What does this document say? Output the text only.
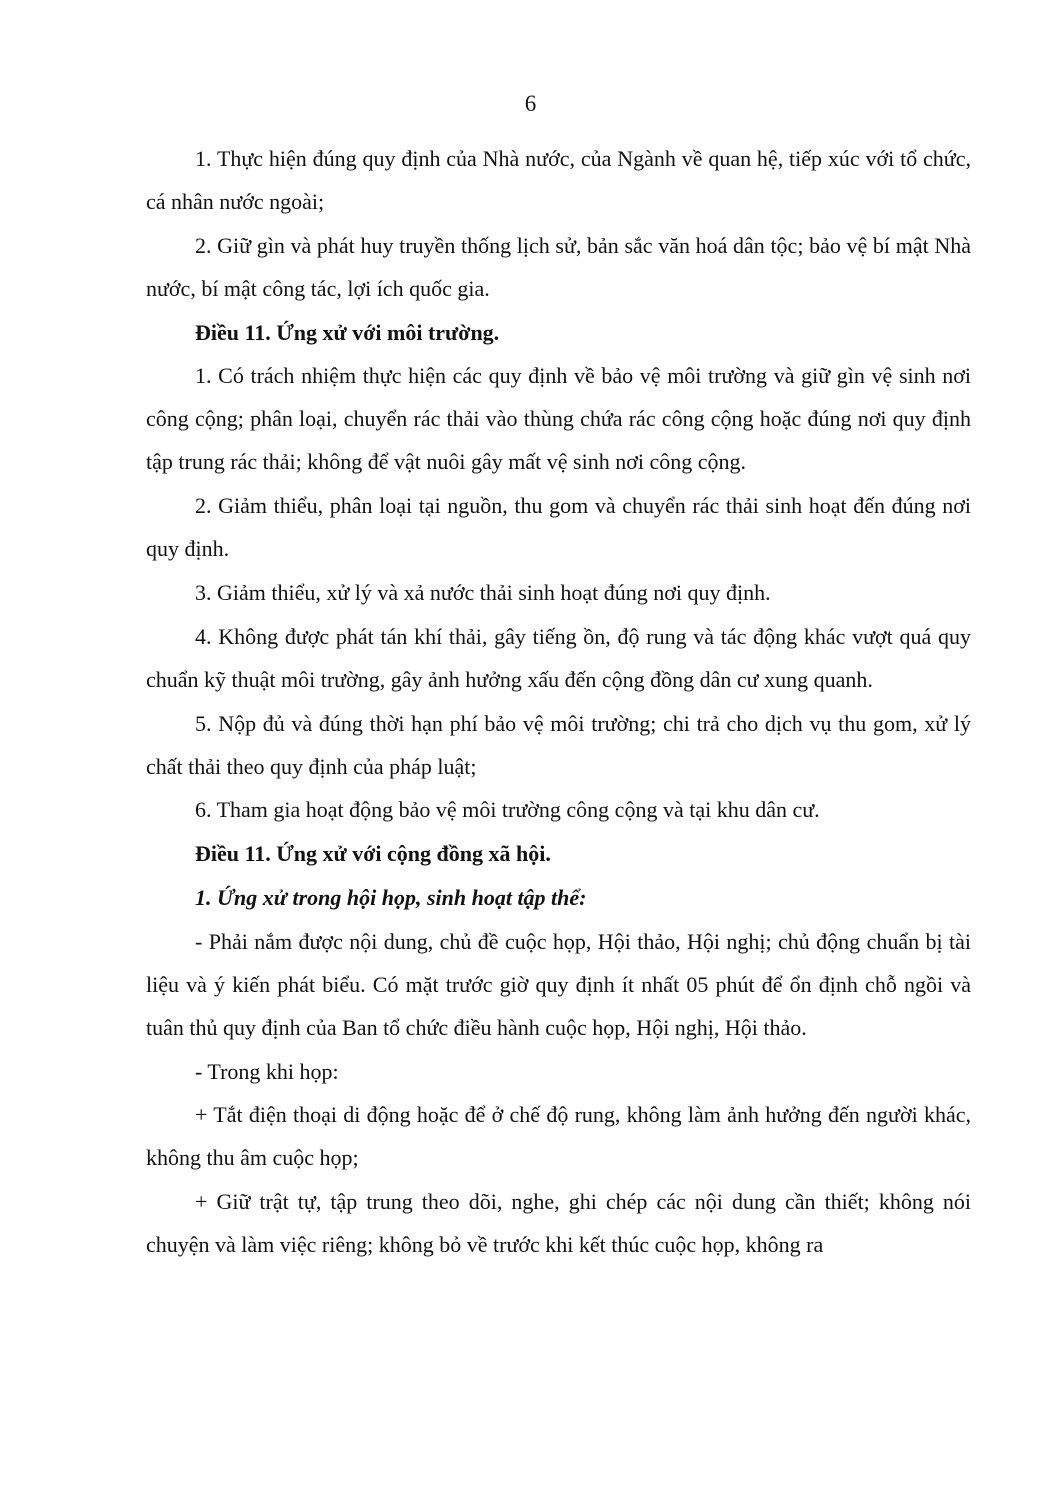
6

1. Thực hiện đúng quy định của Nhà nước, của Ngành về quan hệ, tiếp xúc với tổ chức, cá nhân nước ngoài;

2. Giữ gìn và phát huy truyền thống lịch sử, bản sắc văn hoá dân tộc; bảo vệ bí mật Nhà nước, bí mật công tác, lợi ích quốc gia.

Điều 11. Ứng xử với môi trường.

1. Có trách nhiệm thực hiện các quy định về bảo vệ môi trường và giữ gìn vệ sinh nơi công cộng; phân loại, chuyển rác thải vào thùng chứa rác công cộng hoặc đúng nơi quy định tập trung rác thải; không để vật nuôi gây mất vệ sinh nơi công cộng.

2. Giảm thiểu, phân loại tại nguồn, thu gom và chuyển rác thải sinh hoạt đến đúng nơi quy định.

3. Giảm thiểu, xử lý và xả nước thải sinh hoạt đúng nơi quy định.

4. Không được phát tán khí thải, gây tiếng ồn, độ rung và tác động khác vượt quá quy chuẩn kỹ thuật môi trường, gây ảnh hưởng xấu đến cộng đồng dân cư xung quanh.

5. Nộp đủ và đúng thời hạn phí bảo vệ môi trường; chi trả cho dịch vụ thu gom, xử lý chất thải theo quy định của pháp luật;

6. Tham gia hoạt động bảo vệ môi trường công cộng và tại khu dân cư.

Điều 11. Ứng xử với cộng đồng xã hội.

1. Ứng xử trong hội họp, sinh hoạt tập thể:

- Phải nắm được nội dung, chủ đề cuộc họp, Hội thảo, Hội nghị; chủ động chuẩn bị tài liệu và ý kiến phát biểu. Có mặt trước giờ quy định ít nhất 05 phút để ổn định chỗ ngồi và tuân thủ quy định của Ban tổ chức điều hành cuộc họp, Hội nghị, Hội thảo.

- Trong khi họp:

+ Tắt điện thoại di động hoặc để ở chế độ rung, không làm ảnh hưởng đến người khác, không thu âm cuộc họp;

+ Giữ trật tự, tập trung theo dõi, nghe, ghi chép các nội dung cần thiết; không nói chuyện và làm việc riêng; không bỏ về trước khi kết thúc cuộc họp, không ra
